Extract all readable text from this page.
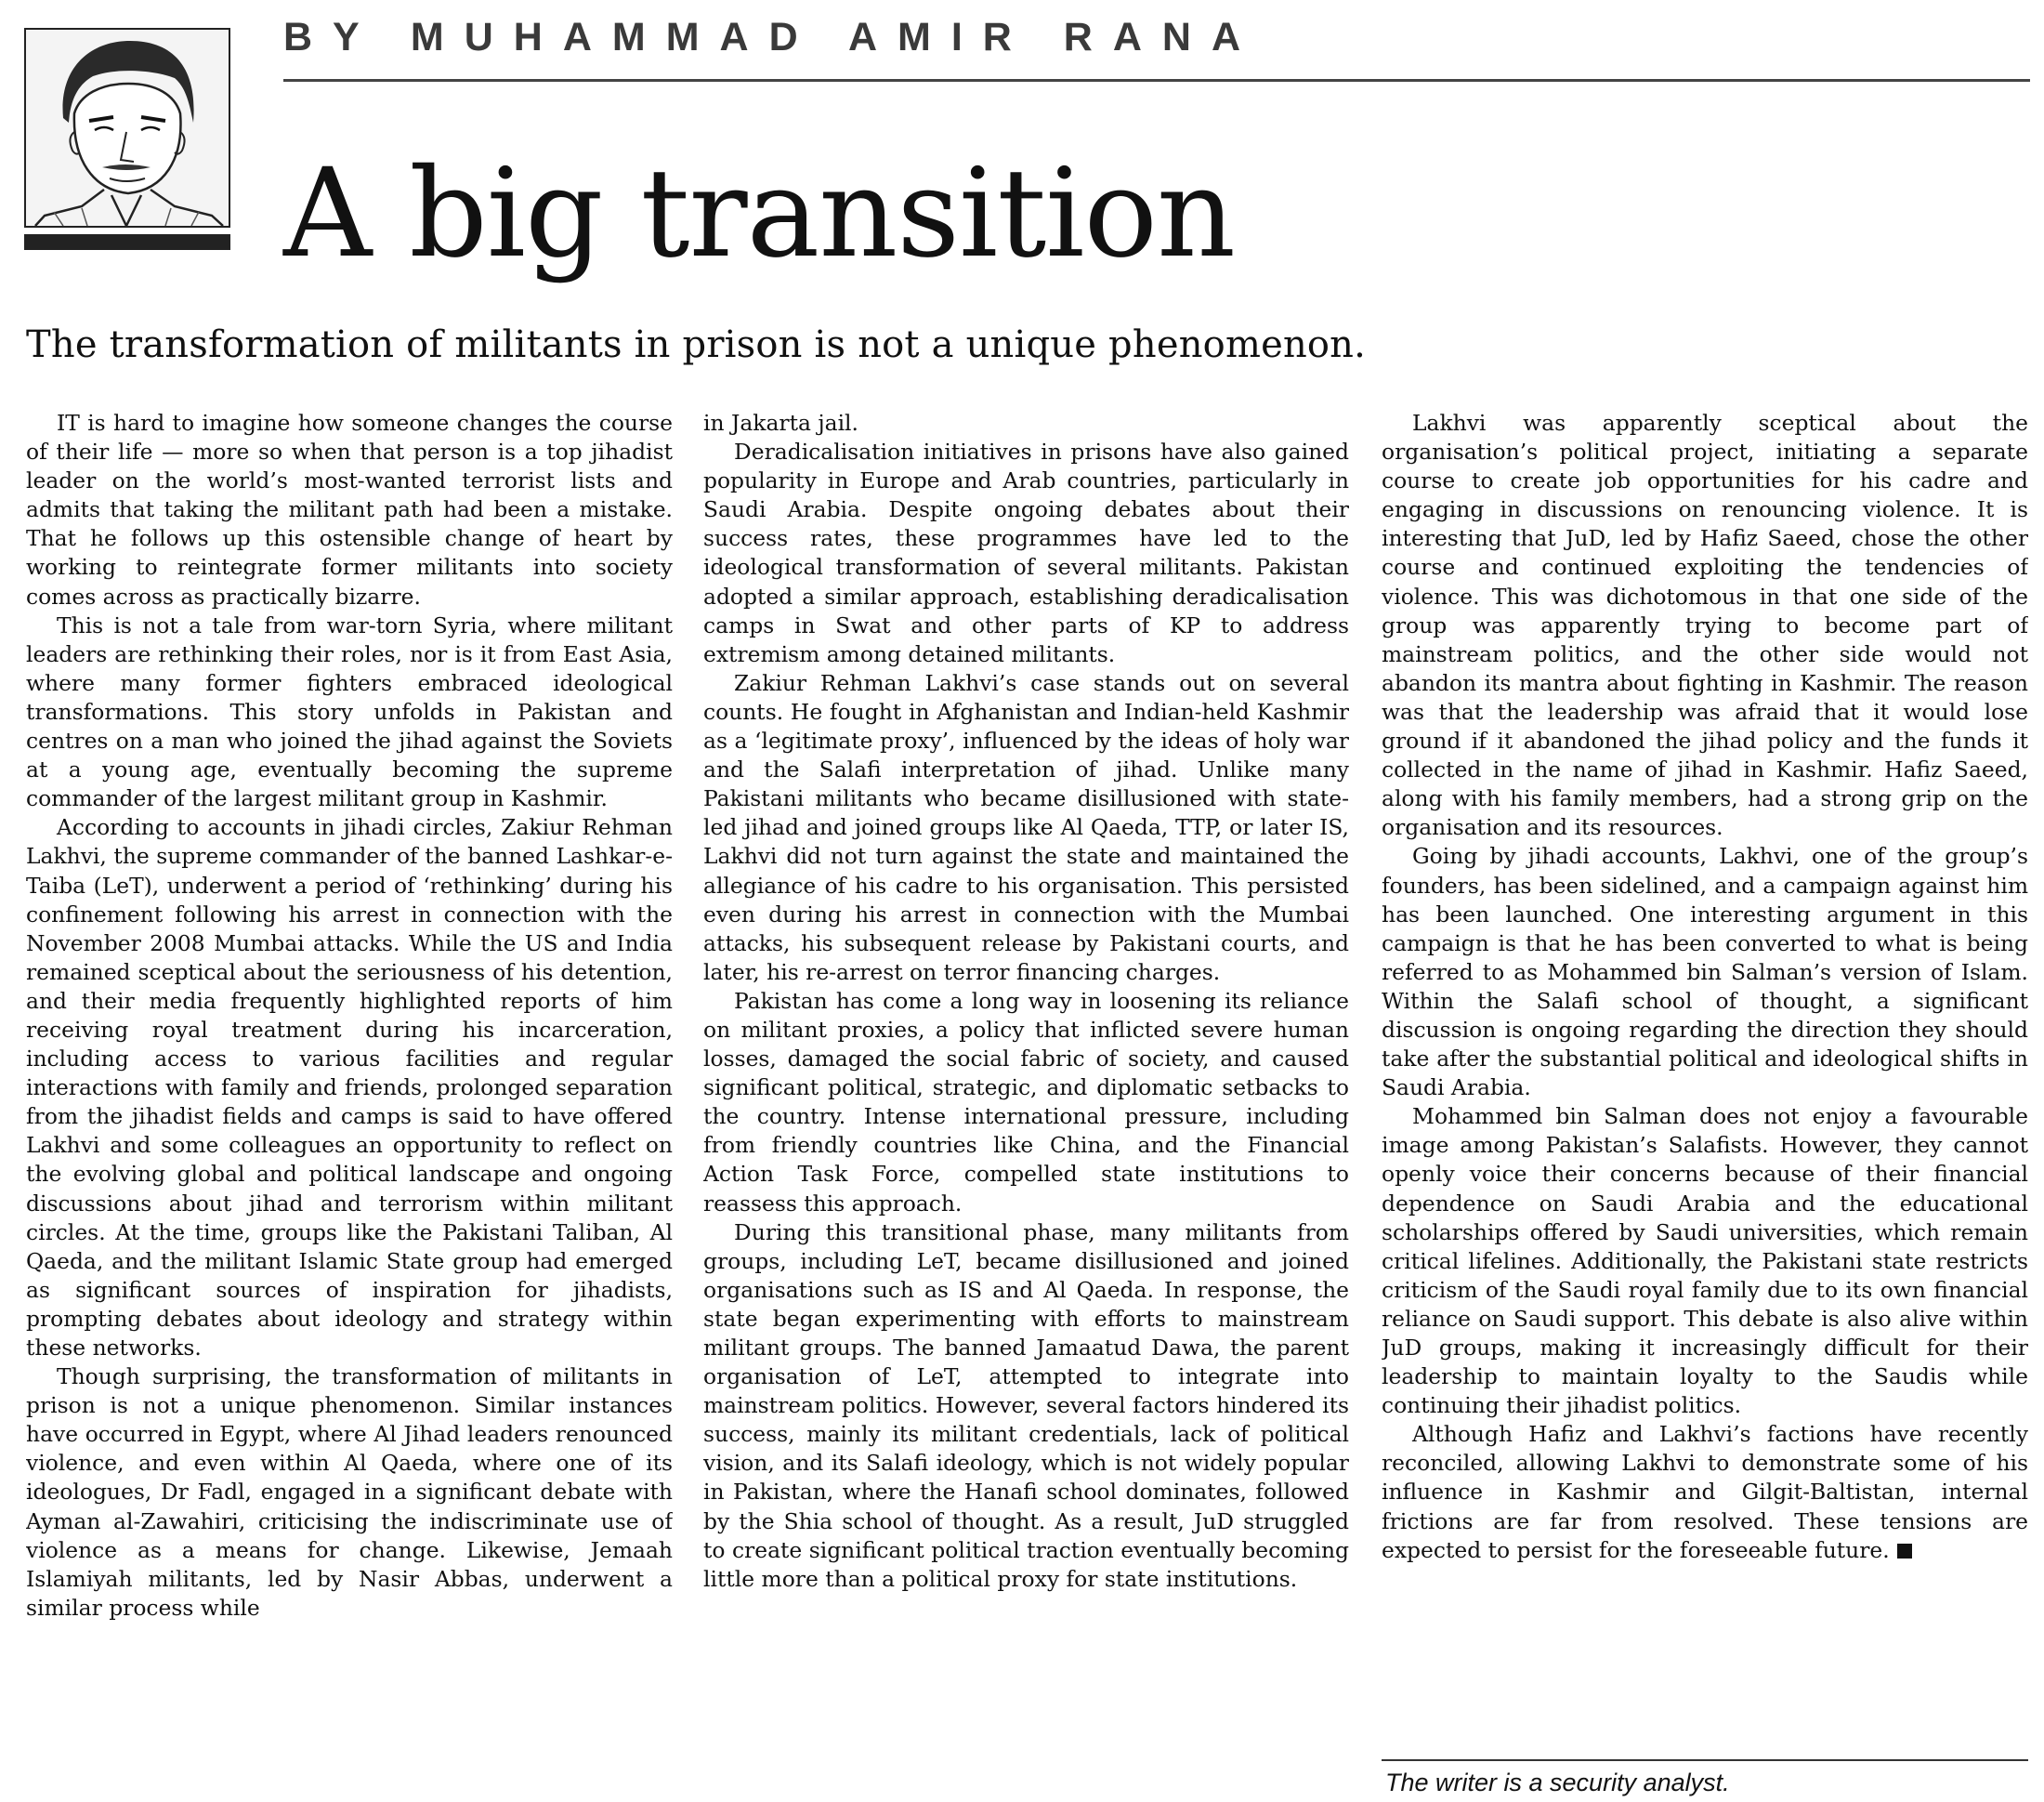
BY MUHAMMAD AMIR RANA
A big transition
The transformation of militants in prison is not a unique phenomenon.

IT is hard to imagine how someone changes the course of their life — more so when that person is a top jihadist leader on the world’s most-wanted terrorist lists and admits that taking the militant path had been a mistake. That he follows up this ostensible change of heart by working to reintegrate former militants into society comes across as practically bizarre.

This is not a tale from war-torn Syria, where militant leaders are rethinking their roles, nor is it from East Asia, where many former fighters embraced ideological transformations. This story unfolds in Pakistan and centres on a man who joined the jihad against the Soviets at a young age, eventually becoming the supreme commander of the largest militant group in Kashmir.

According to accounts in jihadi circles, Zakiur Rehman Lakhvi, the supreme commander of the banned Lashkar-e-Taiba (LeT), underwent a period of ‘rethinking’ during his confinement following his arrest in connection with the November 2008 Mumbai attacks. While the US and India remained sceptical about the seriousness of his detention, and their media frequently highlighted reports of him receiving royal treatment during his incarceration, including access to various facilities and regular interactions with family and friends, prolonged separation from the jihadist fields and camps is said to have offered Lakhvi and some colleagues an opportunity to reflect on the evolving global and political landscape and ongoing discussions about jihad and terrorism within militant circles. At the time, groups like the Pakistani Taliban, Al Qaeda, and the militant Islamic State group had emerged as significant sources of inspiration for jihadists, prompting debates about ideology and strategy within these networks.

Though surprising, the transformation of militants in prison is not a unique phenomenon. Similar instances have occurred in Egypt, where Al Jihad leaders renounced violence, and even within Al Qaeda, where one of its ideologues, Dr Fadl, engaged in a significant debate with Ayman al-Zawahiri, criticising the indiscriminate use of violence as a means for change. Likewise, Jemaah Islamiyah militants, led by Nasir Abbas, underwent a similar process while

in Jakarta jail.

Deradicalisation initiatives in prisons have also gained popularity in Europe and Arab countries, particularly in Saudi Arabia. Despite ongoing debates about their success rates, these programmes have led to the ideological transformation of several militants. Pakistan adopted a similar approach, establishing deradicalisation camps in Swat and other parts of KP to address extremism among detained militants.

Zakiur Rehman Lakhvi’s case stands out on several counts. He fought in Afghanistan and Indian-held Kashmir as a ‘legitimate proxy’, influenced by the ideas of holy war and the Salafi interpretation of jihad. Unlike many Pakistani militants who became disillusioned with state-led jihad and joined groups like Al Qaeda, TTP, or later IS, Lakhvi did not turn against the state and maintained the allegiance of his cadre to his organisation. This persisted even during his arrest in connection with the Mumbai attacks, his subsequent release by Pakistani courts, and later, his re-arrest on terror financing charges.

Pakistan has come a long way in loosening its reliance on militant proxies, a policy that inflicted severe human losses, damaged the social fabric of society, and caused significant political, strategic, and diplomatic setbacks to the country. Intense international pressure, including from friendly countries like China, and the Financial Action Task Force, compelled state institutions to reassess this approach.

During this transitional phase, many militants from groups, including LeT, became disillusioned and joined organisations such as IS and Al Qaeda. In response, the state began experimenting with efforts to mainstream militant groups. The banned Jamaatud Dawa, the parent organisation of LeT, attempted to integrate into mainstream politics. However, several factors hindered its success, mainly its militant credentials, lack of political vision, and its Salafi ideology, which is not widely popular in Pakistan, where the Hanafi school dominates, followed by the Shia school of thought. As a result, JuD struggled to create significant political traction eventually becoming little more than a political proxy for state institutions.

Lakhvi was apparently sceptical about the organisation’s political project, initiating a separate course to create job opportunities for his cadre and engaging in discussions on renouncing violence. It is interesting that JuD, led by Hafiz Saeed, chose the other course and continued exploiting the tendencies of violence. This was dichotomous in that one side of the group was apparently trying to become part of mainstream politics, and the other side would not abandon its mantra about fighting in Kashmir. The reason was that the leadership was afraid that it would lose ground if it abandoned the jihad policy and the funds it collected in the name of jihad in Kashmir. Hafiz Saeed, along with his family members, had a strong grip on the organisation and its resources.

Going by jihadi accounts, Lakhvi, one of the group’s founders, has been sidelined, and a campaign against him has been launched. One interesting argument in this campaign is that he has been converted to what is being referred to as Mohammed bin Salman’s version of Islam. Within the Salafi school of thought, a significant discussion is ongoing regarding the direction they should take after the substantial political and ideological shifts in Saudi Arabia.

Mohammed bin Salman does not enjoy a favourable image among Pakistan’s Salafists. However, they cannot openly voice their concerns because of their financial dependence on Saudi Arabia and the educational scholarships offered by Saudi universities, which remain critical lifelines. Additionally, the Pakistani state restricts criticism of the Saudi royal family due to its own financial reliance on Saudi support. This debate is also alive within JuD groups, making it increasingly difficult for their leadership to maintain loyalty to the Saudis while continuing their jihadist politics.

Although Hafiz and Lakhvi’s factions have recently reconciled, allowing Lakhvi to demonstrate some of his influence in Kashmir and Gilgit-Baltistan, internal frictions are far from resolved. These tensions are expected to persist for the foreseeable future.

The writer is a security analyst.
